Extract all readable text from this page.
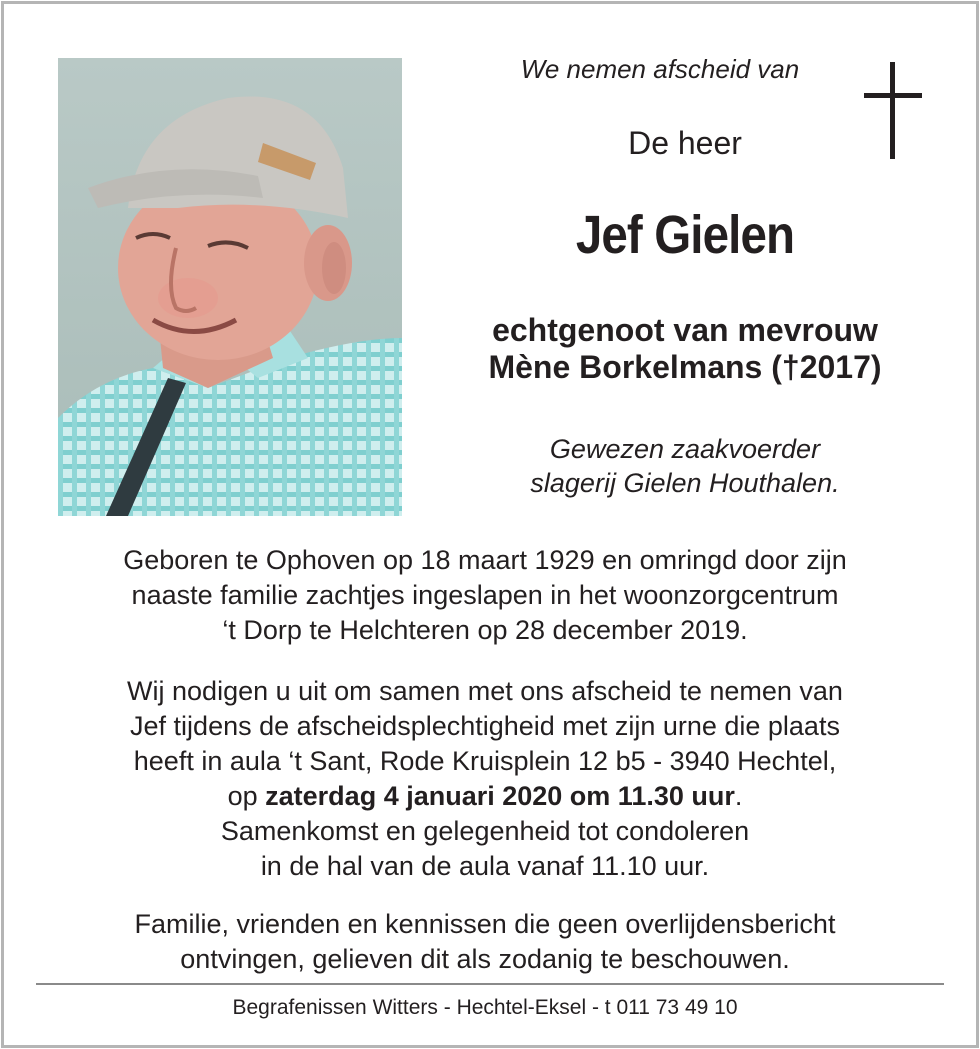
We nemen afscheid van
De heer
Jef Gielen
echtgenoot van mevrouw
Mène Borkelmans (†2017)
Gewezen zaakvoerder
slagerij Gielen Houthalen.
Geboren te Ophoven op 18 maart 1929 en omringd door zijn
naaste familie zachtjes ingeslapen in het woonzorgcentrum
‘t Dorp te Helchteren op 28 december 2019.
Wij nodigen u uit om samen met ons afscheid te nemen van
Jef tijdens de afscheidsplechtigheid met zijn urne die plaats
heeft in aula ‘t Sant, Rode Kruisplein 12 b5 - 3940 Hechtel,
op zaterdag 4 januari 2020 om 11.30 uur.
Samenkomst en gelegenheid tot condoleren
in de hal van de aula vanaf 11.10 uur.
Familie, vrienden en kennissen die geen overlijdensbericht
ontvingen, gelieven dit als zodanig te beschouwen.
Begrafenissen Witters - Hechtel-Eksel - t 011 73 49 10
